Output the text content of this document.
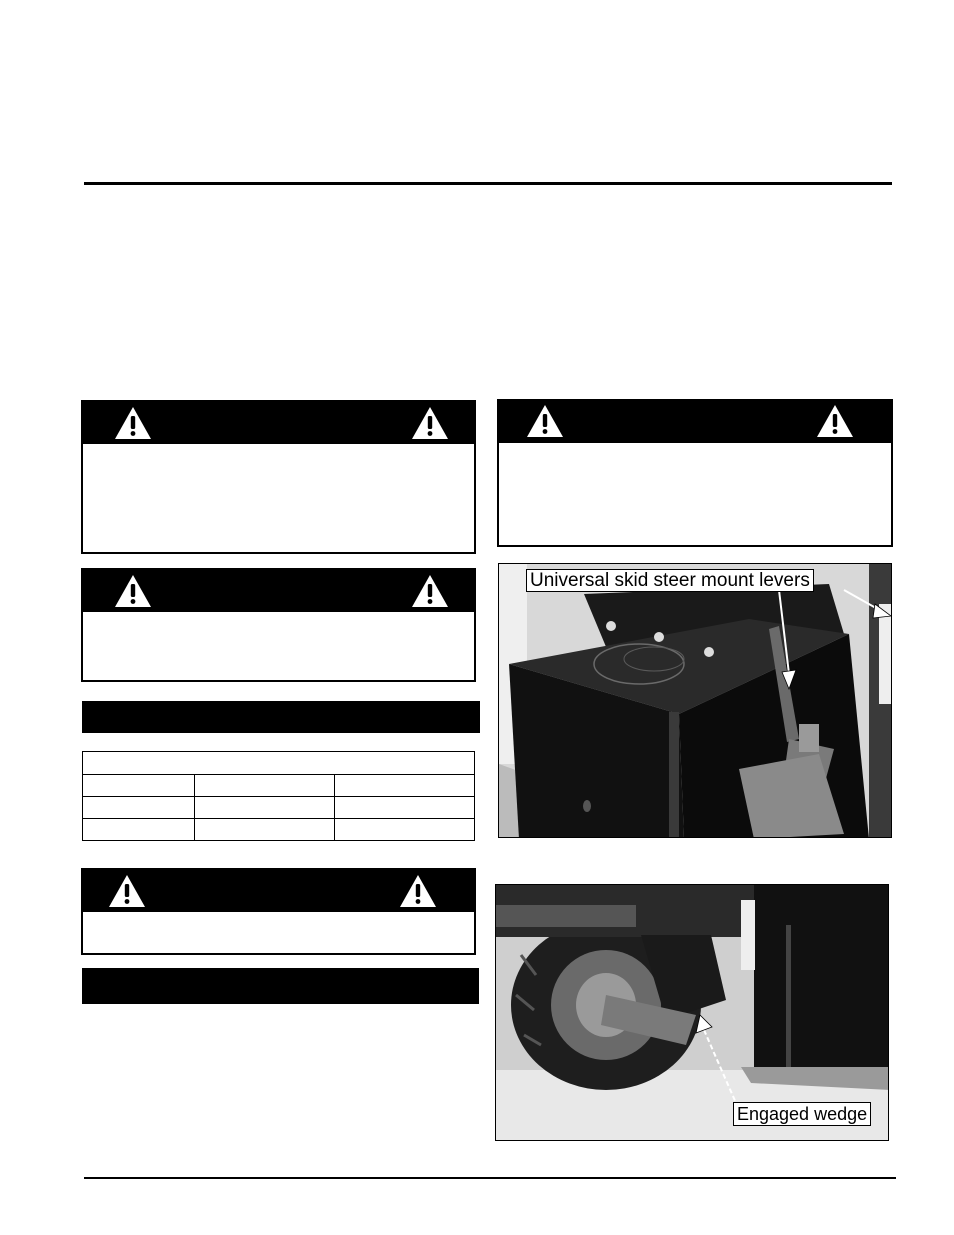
Universal skid steer mount levers
Engaged wedge
